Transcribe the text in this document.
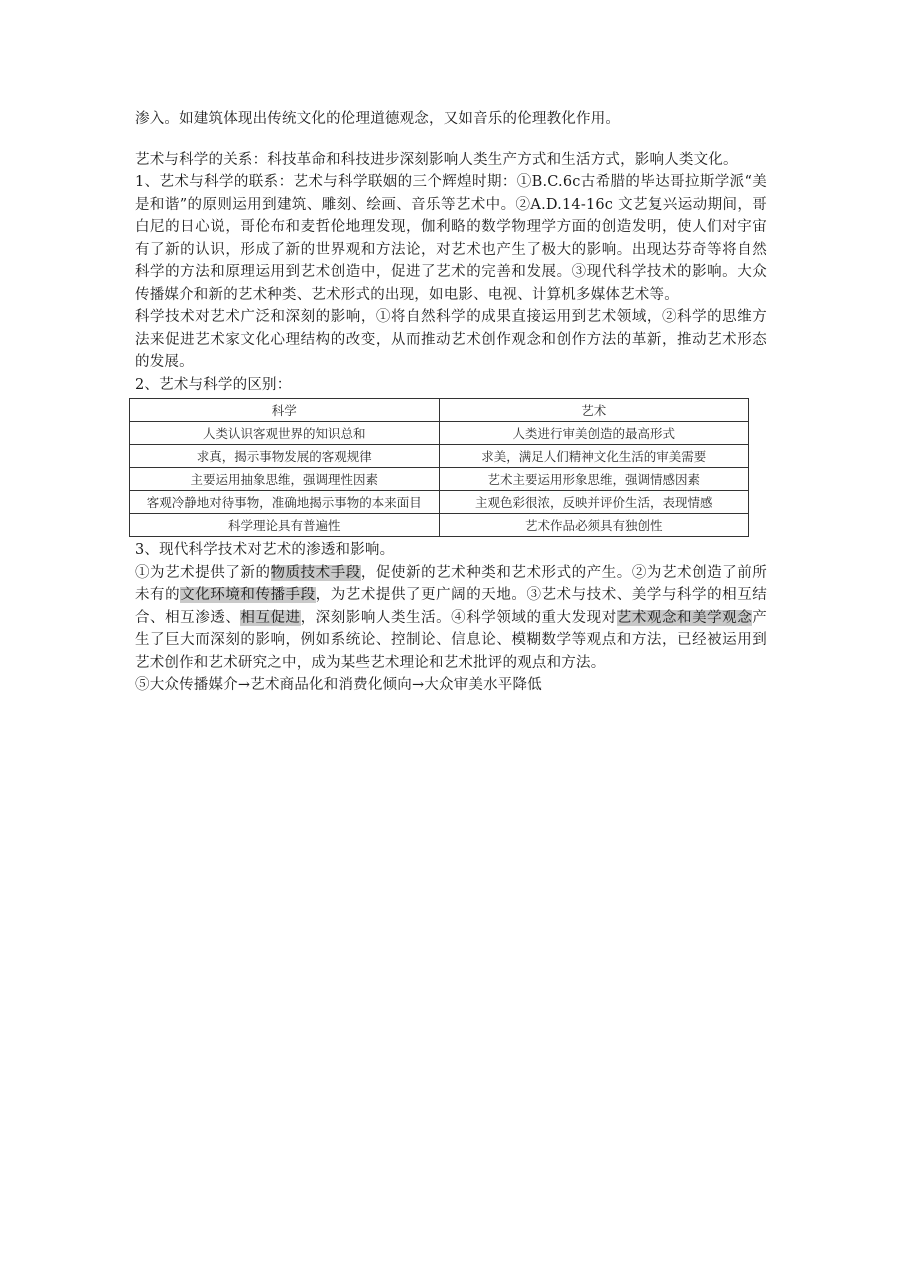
渗入。如建筑体现出传统文化的伦理道德观念，又如音乐的伦理教化作用。

艺术与科学的关系：科技革命和科技进步深刻影响人类生产方式和生活方式，影响人类文化。

1、艺术与科学的联系：艺术与科学联姻的三个辉煌时期：①B.C.6c古希腊的毕达哥拉斯学派“美是和谐”的原则运用到建筑、雕刻、绘画、音乐等艺术中。②A.D.14-16c 文艺复兴运动期间，哥白尼的日心说，哥伦布和麦哲伦地理发现，伽利略的数学物理学方面的创造发明，使人们对宇宙有了新的认识，形成了新的世界观和方法论，对艺术也产生了极大的影响。出现达芬奇等将自然科学的方法和原理运用到艺术创造中，促进了艺术的完善和发展。③现代科学技术的影响。大众传播媒介和新的艺术种类、艺术形式的出现，如电影、电视、计算机多媒体艺术等。

科学技术对艺术广泛和深刻的影响，①将自然科学的成果直接运用到艺术领域，②科学的思维方法来促进艺术家文化心理结构的改变，从而推动艺术创作观念和创作方法的革新，推动艺术形态的发展。

2、艺术与科学的区别：

科学	艺术
人类认识客观世界的知识总和	人类进行审美创造的最高形式
求真，揭示事物发展的客观规律	求美，满足人们精神文化生活的审美需要
主要运用抽象思维，强调理性因素	艺术主要运用形象思维，强调情感因素
客观冷静地对待事物，准确地揭示事物的本来面目	主观色彩很浓，反映并评价生活，表现情感
科学理论具有普遍性	艺术作品必须具有独创性

3、现代科学技术对艺术的渗透和影响。

①为艺术提供了新的物质技术手段，促使新的艺术种类和艺术形式的产生。②为艺术创造了前所未有的文化环境和传播手段，为艺术提供了更广阔的天地。③艺术与技术、美学与科学的相互结合、相互渗透、相互促进，深刻影响人类生活。④科学领域的重大发现对艺术观念和美学观念产生了巨大而深刻的影响，例如系统论、控制论、信息论、模糊数学等观点和方法，已经被运用到艺术创作和艺术研究之中，成为某些艺术理论和艺术批评的观点和方法。

⑤大众传播媒介→艺术商品化和消费化倾向→大众审美水平降低
